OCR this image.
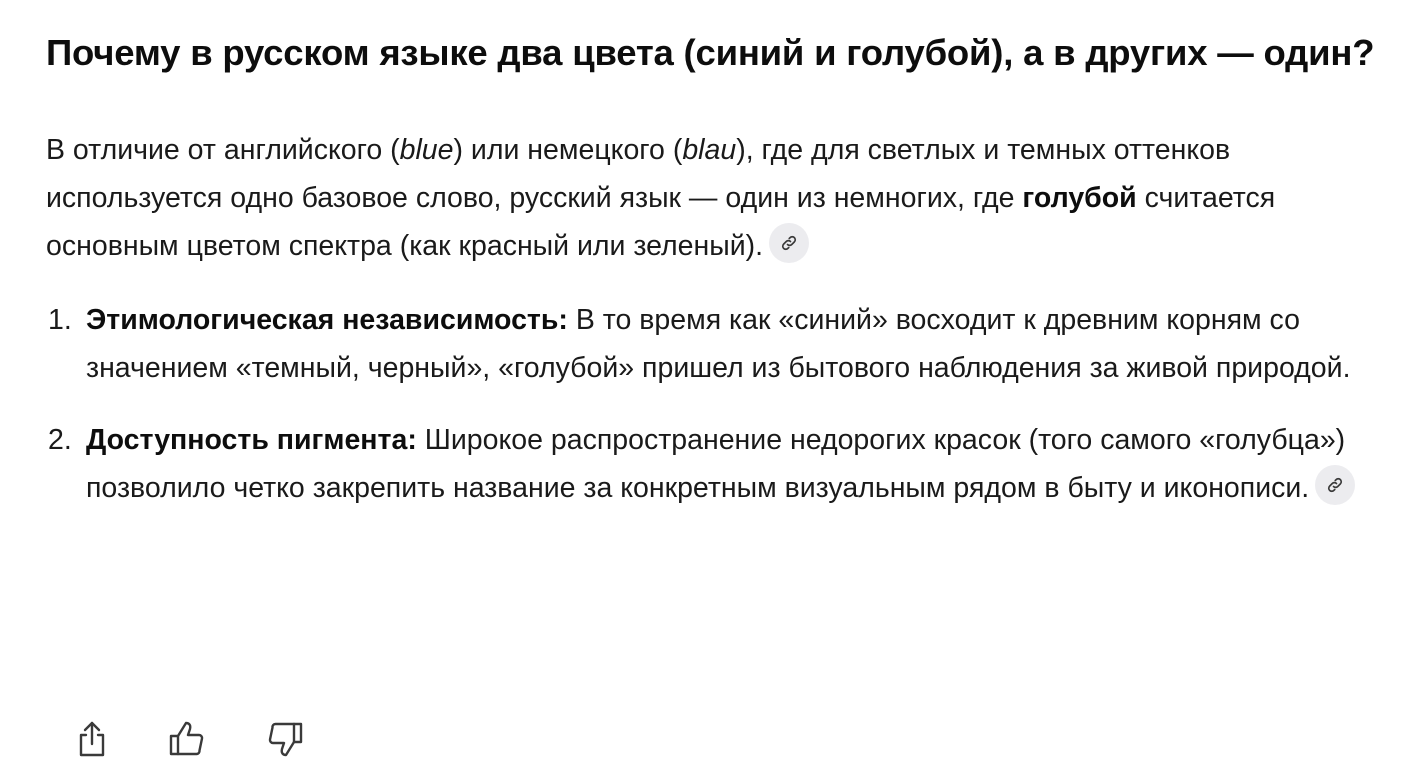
Почему в русском языке два цвета (синий и голубой), а в других — один?

В отличие от английского (blue) или немецкого (blau), где для светлых и темных оттенков используется одно базовое слово, русский язык — один из немногих, где голубой считается основным цветом спектра (как красный или зеленый).

1. Этимологическая независимость: В то время как «синий» восходит к древним корням со значением «темный, черный», «голубой» пришел из бытового наблюдения за живой природой.
2. Доступность пигмента: Широкое распространение недорогих красок (того самого «голубца») позволило четко закрепить название за конкретным визуальным рядом в быту и иконописи.
